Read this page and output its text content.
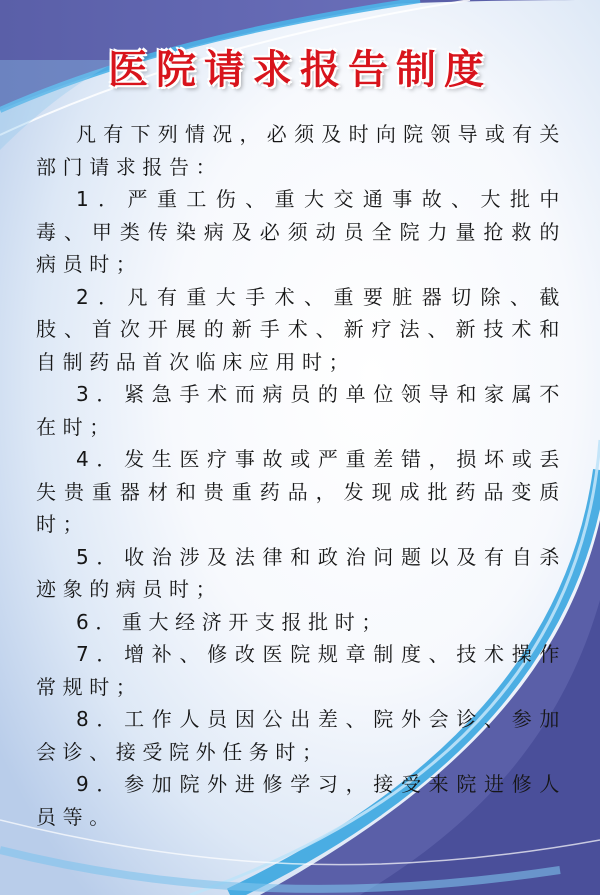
医院请求报告制度

凡有下列情况，必须及时向院领导或有关部门请求报告：

1．严重工伤、重大交通事故、大批中毒、甲类传染病及必须动员全院力量抢救的病员时；

2．凡有重大手术、重要脏器切除、截肢、首次开展的新手术、新疗法、新技术和自制药品首次临床应用时；

3．紧急手术而病员的单位领导和家属不在时；

4．发生医疗事故或严重差错，损坏或丢失贵重器材和贵重药品，发现成批药品变质时；

5．收治涉及法律和政治问题以及有自杀迹象的病员时；

6．重大经济开支报批时；

7．增补、修改医院规章制度、技术操作常规时；

8．工作人员因公出差、院外会诊、参加会诊、接受院外任务时；

9．参加院外进修学习，接受来院进修人员等。
